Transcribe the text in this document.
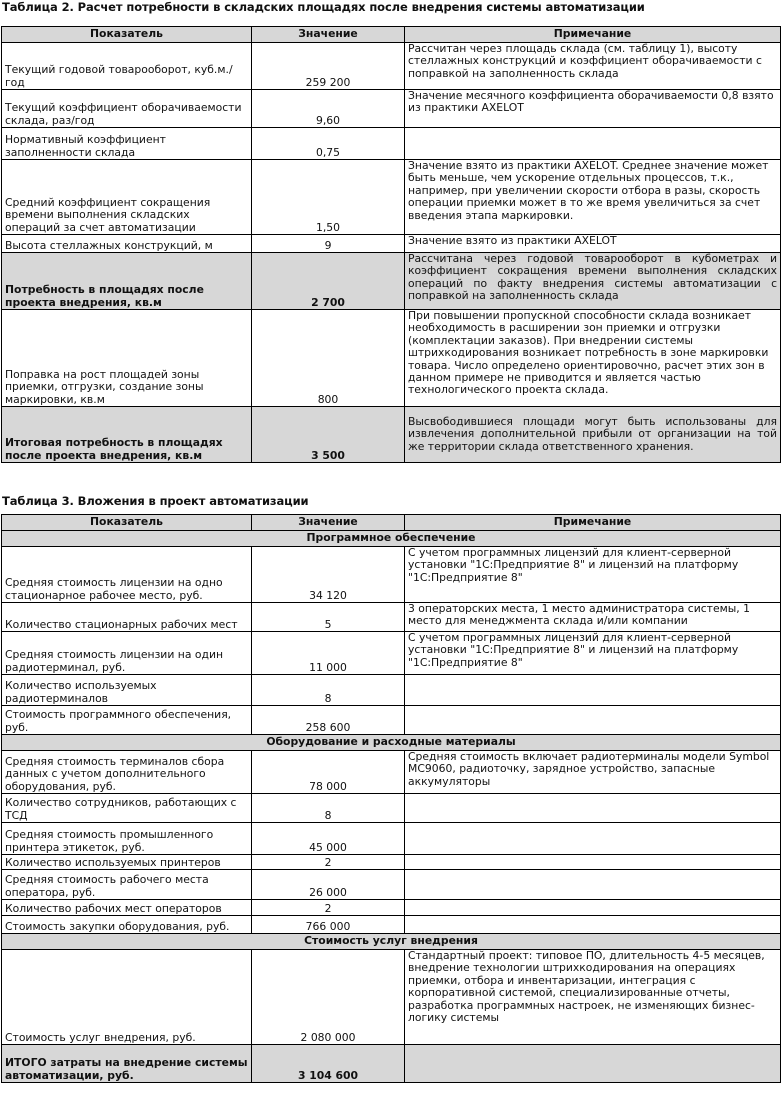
Таблица 2. Расчет потребности в складских площадях после внедрения системы автоматизации
Показатель	Значение	Примечание
Текущий годовой товарооборот, куб.м./год	259 200	Рассчитан через площадь склада (см. таблицу 1), высоту стеллажных конструкций и коэффициент оборачиваемости с поправкой на заполненность склада
Текущий коэффициент оборачиваемости склада, раз/год	9,60	Значение месячного коэффициента оборачиваемости 0,8 взято из практики AXELOT
Нормативный коэффициент заполненности склада	0,75	
Средний коэффициент сокращения времени выполнения складских операций за счет автоматизации	1,50	Значение взято из практики AXELOT. Среднее значение может быть меньше, чем ускорение отдельных процессов, т.к., например, при увеличении скорости отбора в разы, скорость операции приемки может в то же время увеличиться за счет введения этапа маркировки.
Высота стеллажных конструкций, м	9	Значение взято из практики AXELOT
Потребность в площадях после проекта внедрения, кв.м	2 700	Рассчитана через годовой товарооборот в кубометрах и коэффициент сокращения времени выполнения складских операций по факту внедрения системы автоматизации с поправкой на заполненность склада
Поправка на рост площадей зоны приемки, отгрузки, создание зоны маркировки, кв.м	800	При повышении пропускной способности склада возникает необходимость в расширении зон приемки и отгрузки (комплектации заказов). При внедрении системы штрихкодирования возникает потребность в зоне маркировки товара. Число определено ориентировочно, расчет этих зон в данном примере не приводится и является частью технологического проекта склада.
Итоговая потребность в площадях после проекта внедрения, кв.м	3 500	Высвободившиеся площади могут быть использованы для извлечения дополнительной прибыли от организации на той же территории склада ответственного хранения.
Таблица 3. Вложения в проект автоматизации
Показатель	Значение	Примечание
Программное обеспечение		
Средняя стоимость лицензии на одно стационарное рабочее место, руб.	34 120	С учетом программных лицензий для клиент-серверной установки "1С:Предприятие 8" и лицензий на платформу "1С:Предприятие 8"
Количество стационарных рабочих мест	5	3 операторских места, 1 место администратора системы, 1 место для менеджмента склада и/или компании
Средняя стоимость лицензии на один радиотерминал, руб.	11 000	С учетом программных лицензий для клиент-серверной установки "1С:Предприятие 8" и лицензий на платформу "1С:Предприятие 8"
Количество используемых радиотерминалов	8	
Стоимость программного обеспечения, руб.	258 600	
Оборудование и расходные материалы		
Средняя стоимость терминалов сбора данных с учетом дополнительного оборудования, руб.	78 000	Средняя стоимость включает радиотерминалы модели Symbol MC9060, радиоточку, зарядное устройство, запасные аккумуляторы
Количество сотрудников, работающих с ТСД	8	
Средняя стоимость промышленного принтера этикеток, руб.	45 000	
Количество используемых принтеров	2	
Средняя стоимость рабочего места оператора, руб.	26 000	
Количество рабочих мест операторов	2	
Стоимость закупки оборудования, руб.	766 000	
Стоимость услуг внедрения		
Стоимость услуг внедрения, руб.	2 080 000	Стандартный проект: типовое ПО, длительность 4-5 месяцев, внедрение технологии штрихкодирования на операциях приемки, отбора и инвентаризации, интеграция с корпоративной системой, специализированные отчеты, разработка программных настроек, не изменяющих бизнес-логику системы
ИТОГО затраты на внедрение системы автоматизации, руб.	3 104 600	
